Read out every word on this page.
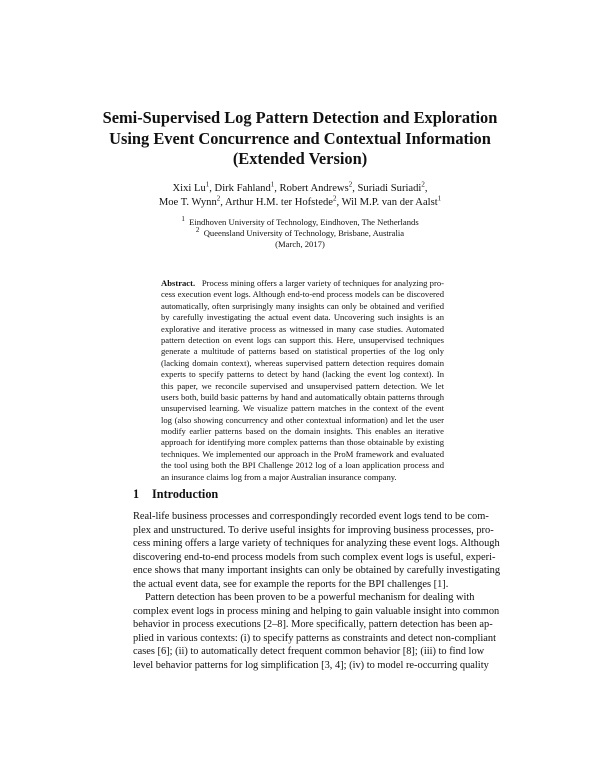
Semi-Supervised Log Pattern Detection and Exploration
Using Event Concurrence and Contextual Information
(Extended Version)
Xixi Lu$^1$, Dirk Fahland$^1$, Robert Andrews$^2$, Suriadi Suriadi$^2$,
Moe T. Wynn$^2$, Arthur H.M. ter Hofstede$^2$, Wil M.P. van der Aalst$^1$
$^1$ Eindhoven University of Technology, Eindhoven, The Netherlands
$^2$ Queensland University of Technology, Brisbane, Australia
(March, 2017)
Abstract. Process mining offers a larger variety of techniques for analyzing pro-
cess execution event logs. Although end-to-end process models can be discovered
automatically, often surprisingly many insights can only be obtained and verified
by carefully investigating the actual event data. Uncovering such insights is an
explorative and iterative process as witnessed in many case studies. Automated
pattern detection on event logs can support this. Here, unsupervised techniques
generate a multitude of patterns based on statistical properties of the log only
(lacking domain context), whereas supervised pattern detection requires domain
experts to specify patterns to detect by hand (lacking the event log context). In
this paper, we reconcile supervised and unsupervised pattern detection. We let
users both, build basic patterns by hand and automatically obtain patterns through
unsupervised learning. We visualize pattern matches in the context of the event
log (also showing concurrency and other contextual information) and let the user
modify earlier patterns based on the domain insights. This enables an iterative
approach for identifying more complex patterns than those obtainable by existing
techniques. We implemented our approach in the ProM framework and evaluated
the tool using both the BPI Challenge 2012 log of a loan application process and
an insurance claims log from a major Australian insurance company.
1 Introduction
Real-life business processes and correspondingly recorded event logs tend to be com-
plex and unstructured. To derive useful insights for improving business processes, pro-
cess mining offers a large variety of techniques for analyzing these event logs. Although
discovering end-to-end process models from such complex event logs is useful, experi-
ence shows that many important insights can only be obtained by carefully investigating
the actual event data, see for example the reports for the BPI challenges [1].
Pattern detection has been proven to be a powerful mechanism for dealing with
complex event logs in process mining and helping to gain valuable insight into common
behavior in process executions [2–8]. More specifically, pattern detection has been ap-
plied in various contexts: (i) to specify patterns as constraints and detect non-compliant
cases [6]; (ii) to automatically detect frequent common behavior [8]; (iii) to find low
level behavior patterns for log simplification [3, 4]; (iv) to model re-occurring quality
